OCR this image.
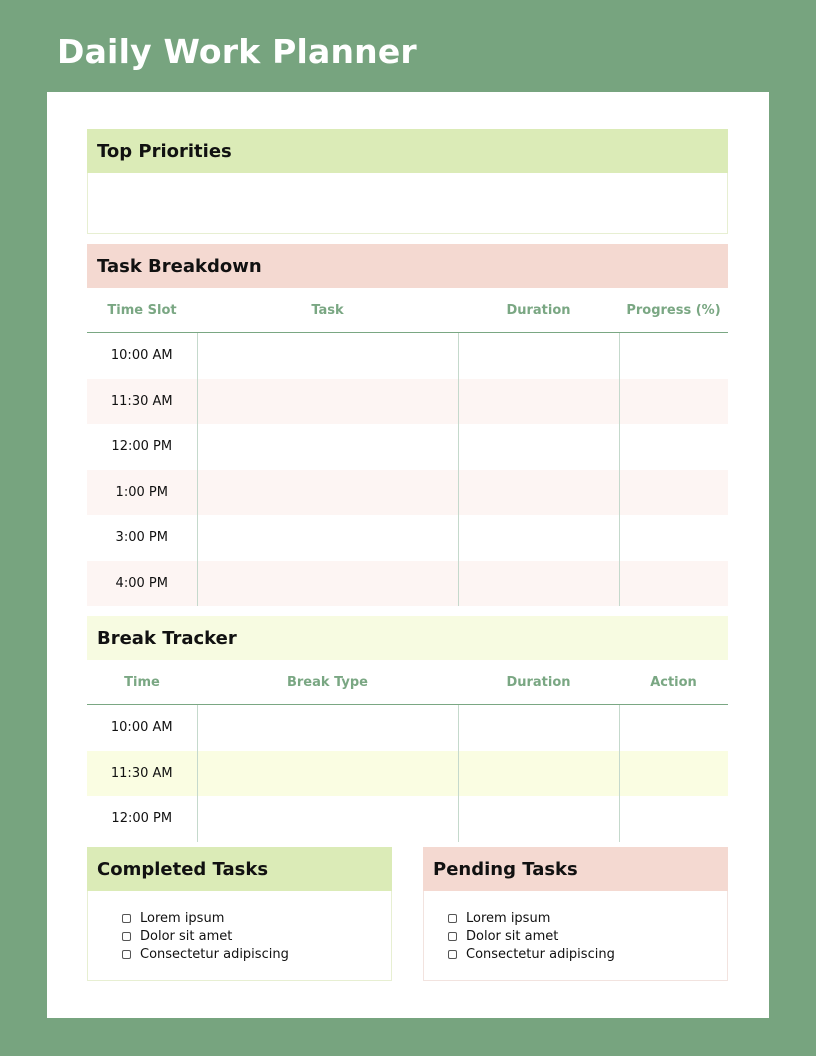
Daily Work Planner
Top Priorities
Task Breakdown
Time Slot	Task	Duration	Progress (%)
10:00 AM			
11:30 AM			
12:00 PM			
1:00 PM			
3:00 PM			
4:00 PM			
Break Tracker
Time	Break Type	Duration	Action
10:00 AM			
11:30 AM			
12:00 PM			
Completed Tasks
Lorem ipsum
Dolor sit amet
Consectetur adipiscing
Pending Tasks
Lorem ipsum
Dolor sit amet
Consectetur adipiscing
